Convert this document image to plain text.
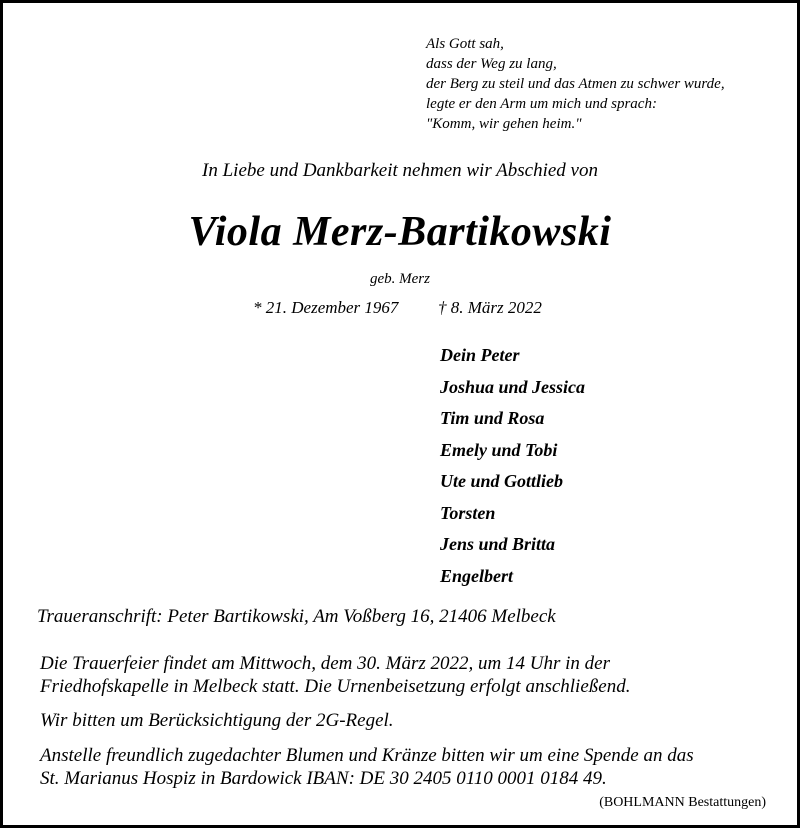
Als Gott sah,
dass der Weg zu lang,
der Berg zu steil und das Atmen zu schwer wurde,
legte er den Arm um mich und sprach:
"Komm, wir gehen heim."
In Liebe und Dankbarkeit nehmen wir Abschied von
Viola Merz-Bartikowski
geb. Merz
* 21. Dezember 1967 † 8. März 2022
Dein Peter
Joshua und Jessica
Tim und Rosa
Emely und Tobi
Ute und Gottlieb
Torsten
Jens und Britta
Engelbert
Traueranschrift: Peter Bartikowski, Am Voßberg 16, 21406 Melbeck
Die Trauerfeier findet am Mittwoch, dem 30. März 2022, um 14 Uhr in der
Friedhofskapelle in Melbeck statt. Die Urnenbeisetzung erfolgt anschließend.
Wir bitten um Berücksichtigung der 2G-Regel.
Anstelle freundlich zugedachter Blumen und Kränze bitten wir um eine Spende an das
St. Marianus Hospiz in Bardowick IBAN: DE 30 2405 0110 0001 0184 49.
(BOHLMANN Bestattungen)
